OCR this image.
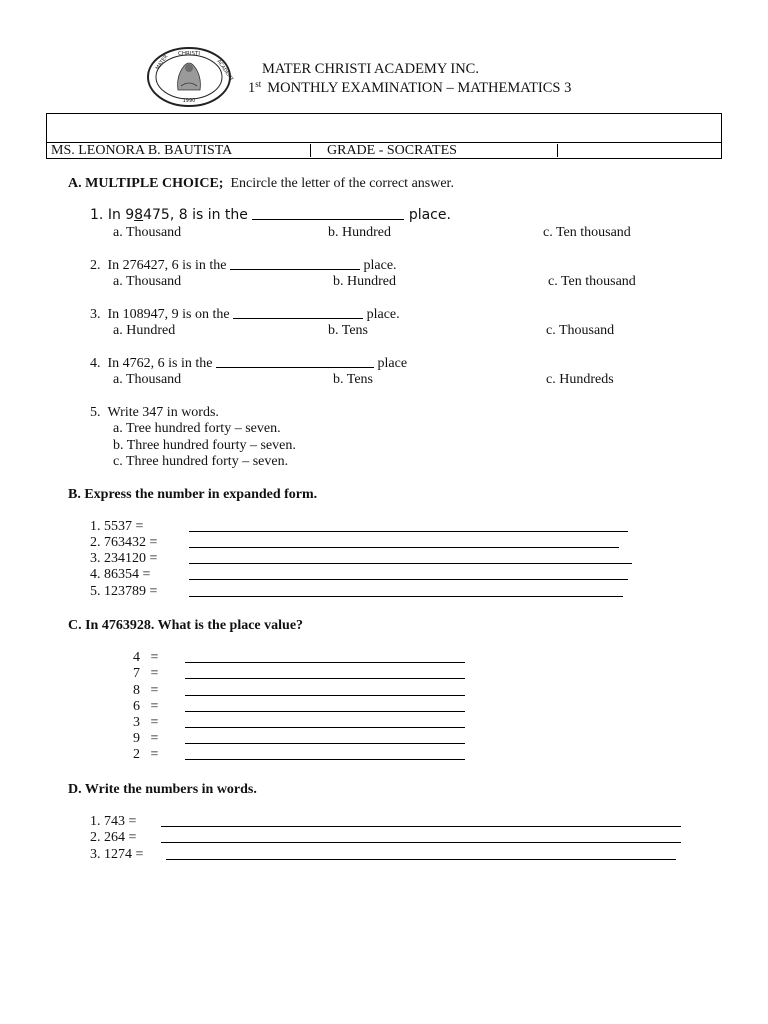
CHRISTI
MATER	ACADEMY
1990
MATER CHRISTI ACADEMY INC.
1st MONTHLY EXAMINATION – MATHEMATICS 3
MS. LEONORA B. BAUTISTA	GRADE - SOCRATES
A. MULTIPLE CHOICE; Encircle the letter of the correct answer.
1. In 98475, 8 is in the	place.
a. Thousand	b. Hundred	c. Ten thousand
2. In 276427, 6 is in the	place.
a. Thousand	b. Hundred	c. Ten thousand
3. In 108947, 9 is on the	place.
a. Hundred	b. Tens	c. Thousand
4. In 4762, 6 is in the	place
a. Thousand	b. Tens	c. Hundreds
5. Write 347 in words.
a. Tree hundred forty – seven.
b. Three hundred fourty – seven.
c. Three hundred forty – seven.
B. Express the number in expanded form.
1. 5537 =
2. 763432 =
3. 234120 =
4. 86354 =
5. 123789 =
C. In 4763928. What is the place value?
4 =
7 =
8 =
6 =
3 =
9 =
2 =
D. Write the numbers in words.
1. 743 =
2. 264 =
3. 1274 =
